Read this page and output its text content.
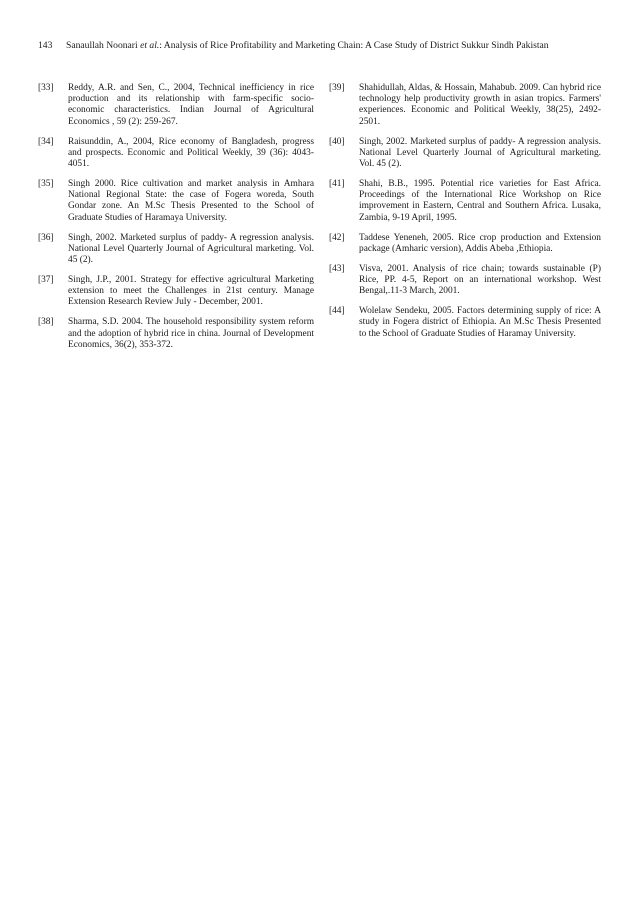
143 Sanaullah Noonari et al.: Analysis of Rice Profitability and Marketing Chain: A Case Study of District Sukkur Sindh Pakistan
[33]	Reddy, A.R. and Sen, C., 2004, Technical inefficiency in rice production and its relationship with farm-specific socio-economic characteristics. Indian Journal of Agricultural Economics , 59 (2): 259-267.
[34]	Raisunddin, A., 2004, Rice economy of Bangladesh, progress and prospects. Economic and Political Weekly, 39 (36): 4043-4051.
[35]	Singh 2000. Rice cultivation and market analysis in Amhara National Regional State: the case of Fogera woreda, South Gondar zone. An M.Sc Thesis Presented to the School of Graduate Studies of Haramaya University.
[36]	Singh, 2002. Marketed surplus of paddy- A regression analysis. National Level Quarterly Journal of Agricultural marketing. Vol. 45 (2).
[37]	Singh, J.P., 2001. Strategy for effective agricultural Marketing extension to meet the Challenges in 21st century. Manage Extension Research Review July - December, 2001.
[38]	Sharma, S.D. 2004. The household responsibility system reform and the adoption of hybrid rice in china. Journal of Development Economics, 36(2), 353-372.
[39]	Shahidullah, Aldas, & Hossain, Mahabub. 2009. Can hybrid rice technology help productivity growth in asian tropics. Farmers' experiences. Economic and Political Weekly, 38(25), 2492-2501.
[40]	Singh, 2002. Marketed surplus of paddy- A regression analysis. National Level Quarterly Journal of Agricultural marketing. Vol. 45 (2).
[41]	Shahi, B.B., 1995. Potential rice varieties for East Africa. Proceedings of the International Rice Workshop on Rice improvement in Eastern, Central and Southern Africa. Lusaka, Zambia, 9-19 April, 1995.
[42]	Taddese Yeneneh, 2005. Rice crop production and Extension package (Amharic version), Addis Abeba ,Ethiopia.
[43]	Visva, 2001. Analysis of rice chain; towards sustainable (P) Rice, PP. 4-5, Report on an international workshop. West Bengal,.11-3 March, 2001.
[44]	Wolelaw Sendeku, 2005. Factors determining supply of rice: A study in Fogera district of Ethiopia. An M.Sc Thesis Presented to the School of Graduate Studies of Haramay University.
